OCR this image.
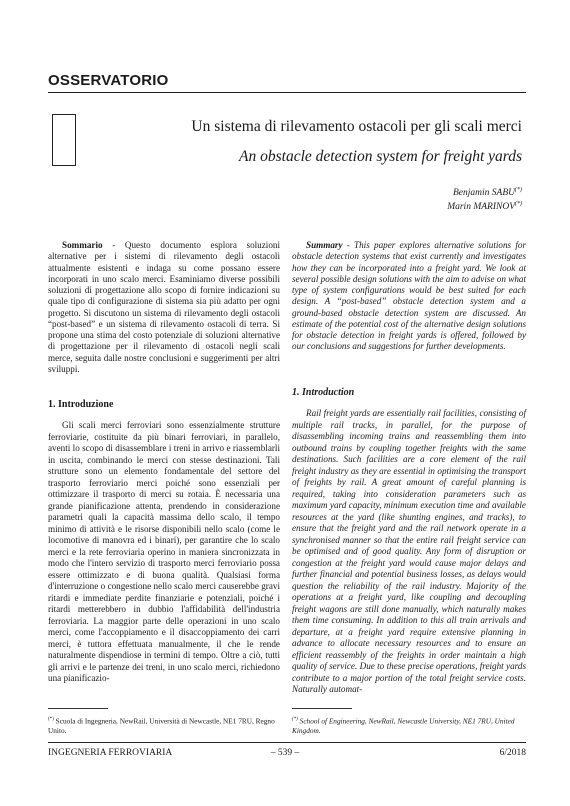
OSSERVATORIO
Un sistema di rilevamento ostacoli per gli scali merci
An obstacle detection system for freight yards
Benjamin SABU(*)
Marin MARINOV(*)

Sommario - Questo documento esplora soluzioni alternative per i sistemi di rilevamento degli ostacoli attualmente esistenti e indaga su come possano essere incorporati in uno scalo merci. Esaminiamo diverse possibili soluzioni di progettazione allo scopo di fornire indicazioni su quale tipo di configurazione di sistema sia più adatto per ogni progetto. Si discutono un sistema di rilevamento degli ostacoli “post-based” e un sistema di rilevamento ostacoli di terra. Si propone una stima del costo potenziale di soluzioni alternative di progettazione per il rilevamento di ostacoli negli scali merce, seguita dalle nostre conclusioni e suggerimenti per altri sviluppi.

Summary - This paper explores alternative solutions for obstacle detection systems that exist currently and investigates how they can be incorporated into a freight yard. We look at several possible design solutions with the aim to advise on what type of system configurations would be best suited for each design. A “post-based” obstacle detection system and a ground-based obstacle detection system are discussed. An estimate of the potential cost of the alternative design solutions for obstacle detection in freight yards is offered, followed by our conclusions and suggestions for further developments.

1. Introduzione
1. Introduction

Gli scali merci ferroviari sono essenzialmente strutture ferroviarie, costituite da più binari ferroviari, in parallelo, aventi lo scopo di disassemblare i treni in arrivo e riassemblarli in uscita, combinando le merci con stesse destinazioni. Tali strutture sono un elemento fondamentale del settore del trasporto ferroviario merci poiché sono essenziali per ottimizzare il trasporto di merci su rotaia. È necessaria una grande pianificazione attenta, prendendo in considerazione parametri quali la capacità massima dello scalo, il tempo minimo di attività e le risorse disponibili nello scalo (come le locomotive di manovra ed i binari), per garantire che lo scalo merci e la rete ferroviaria operino in maniera sincronizzata in modo che l'intero servizio di trasporto merci ferroviario possa essere ottimizzato e di buona qualità. Qualsiasi forma d'interruzione o congestione nello scalo merci causerebbe gravi ritardi e immediate perdite finanziarie e potenziali, poiché i ritardi metterebbero in dubbio l'affidabilità dell'industria ferroviaria. La maggior parte delle operazioni in uno scalo merci, come l'accoppiamento e il disaccoppiamento dei carri merci, è tuttora effettuata manualmente, il che le rende naturalmente dispendiose in termini di tempo. Oltre a ciò, tutti gli arrivi e le partenze dei treni, in uno scalo merci, richiedono una pianificazio-

Rail freight yards are essentially rail facilities, consisting of multiple rail tracks, in parallel, for the purpose of disassembling incoming trains and reassembling them into outbound trains by coupling together freights with the same destinations. Such facilities are a core element of the rail freight industry as they are essential in optimising the transport of freights by rail. A great amount of careful planning is required, taking into consideration parameters such as maximum yard capacity, minimum execution time and available resources at the yard (like shunting engines, and tracks), to ensure that the freight yard and the rail network operate in a synchronised manner so that the entire rail freight service can be optimised and of good quality. Any form of disruption or congestion at the freight yard would cause major delays and further financial and potential business losses, as delays would question the reliability of the rail industry. Majority of the operations at a freight yard, like coupling and decoupling freight wagons are still done manually, which naturally makes them time consuming. In addition to this all train arrivals and departure, at a freight yard require extensive planning in advance to allocate necessary resources and to ensure an efficient reassembly of the freights in order maintain a high quality of service. Due to these precise operations, freight yards contribute to a major portion of the total freight service costs. Naturally automat-

(*) Scuola di Ingegneria, NewRail, Università di Newcastle, NE1 7RU, Regno Unito.
(*) School of Engineering, NewRail, Newcastle University, NE1 7RU, United Kingdom.
INGEGNERIA FERROVIARIA	– 539 –	6/2018
